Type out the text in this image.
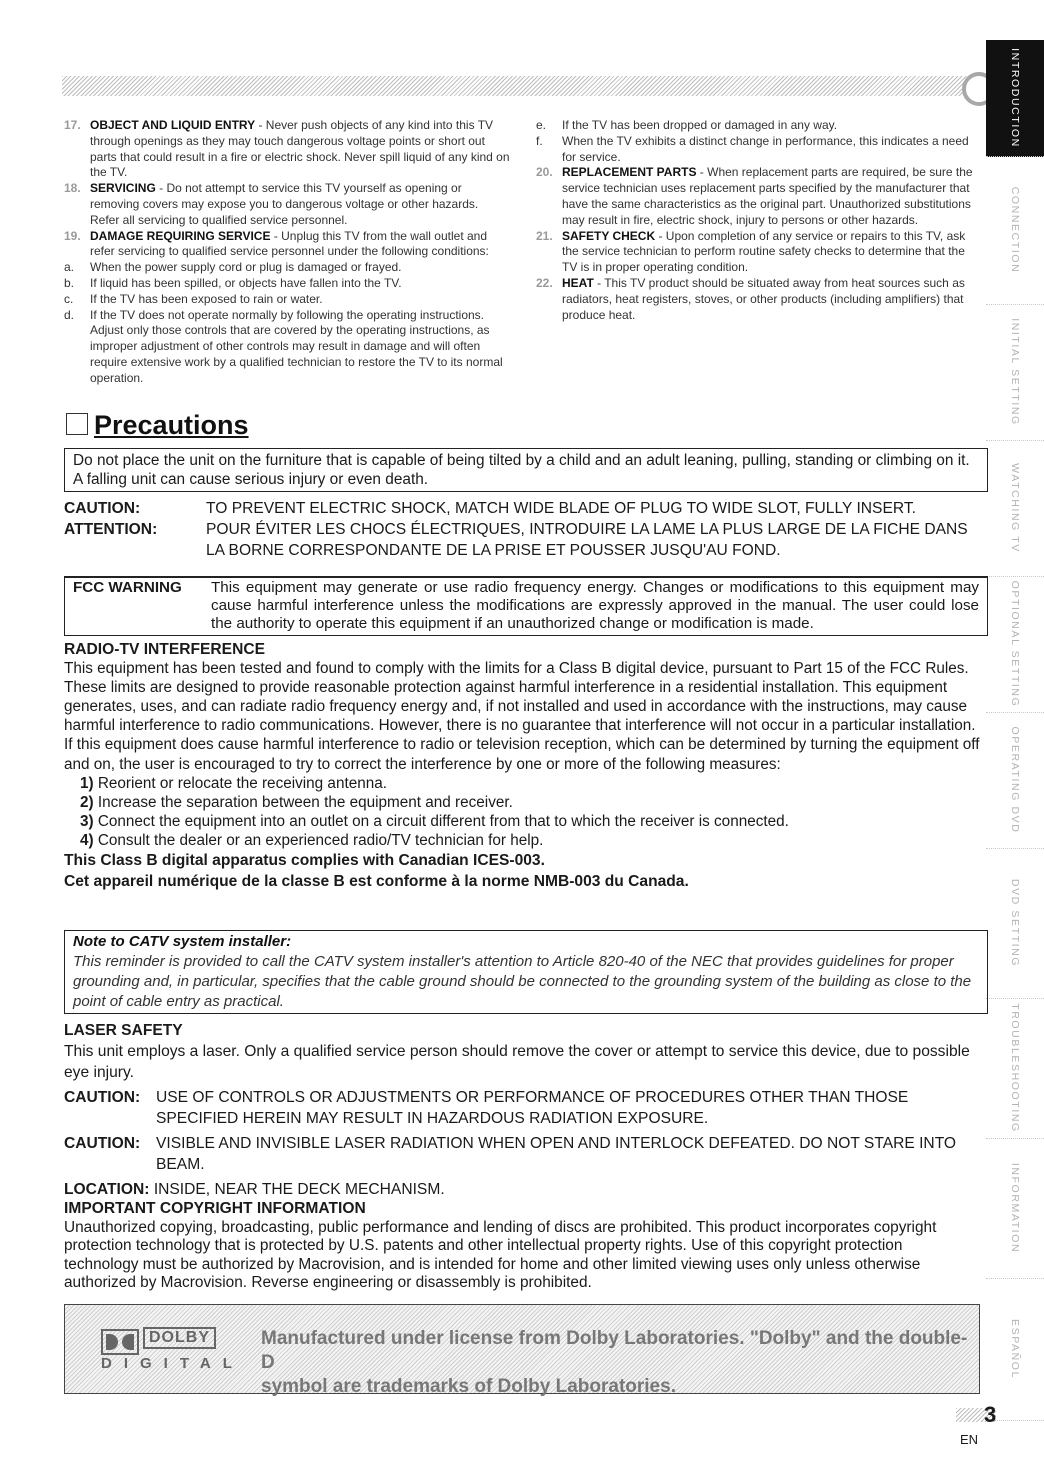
INTRODUCTION
CONNECTION
INITIAL SETTING
WATCHING TV
OPTIONAL SETTING
OPERATING DVD
DVD SETTING
TROUBLESHOOTING
INFORMATION
ESPAÑOL

17. OBJECT AND LIQUID ENTRY - Never push objects of any kind into this TV through openings as they may touch dangerous voltage points or short out parts that could result in a fire or electric shock. Never spill liquid of any kind on the TV.

18. SERVICING - Do not attempt to service this TV yourself as opening or removing covers may expose you to dangerous voltage or other hazards. Refer all servicing to qualified service personnel.

19. DAMAGE REQUIRING SERVICE - Unplug this TV from the wall outlet and refer servicing to qualified service personnel under the following conditions:

a. When the power supply cord or plug is damaged or frayed.

b. If liquid has been spilled, or objects have fallen into the TV.

c. If the TV has been exposed to rain or water.

d. If the TV does not operate normally by following the operating instructions. Adjust only those controls that are covered by the operating instructions, as improper adjustment of other controls may result in damage and will often require extensive work by a qualified technician to restore the TV to its normal operation.

e. If the TV has been dropped or damaged in any way.

f. When the TV exhibits a distinct change in performance, this indicates a need for service.

20. REPLACEMENT PARTS - When replacement parts are required, be sure the service technician uses replacement parts specified by the manufacturer that have the same characteristics as the original part. Unauthorized substitutions may result in fire, electric shock, injury to persons or other hazards.

21. SAFETY CHECK - Upon completion of any service or repairs to this TV, ask the service technician to perform routine safety checks to determine that the TV is in proper operating condition.

22. HEAT - This TV product should be situated away from heat sources such as radiators, heat registers, stoves, or other products (including amplifiers) that produce heat.

Precautions
Do not place the unit on the furniture that is capable of being tilted by a child and an adult leaning, pulling, standing or climbing on it. A falling unit can cause serious injury or even death.
CAUTION:	TO PREVENT ELECTRIC SHOCK, MATCH WIDE BLADE OF PLUG TO WIDE SLOT, FULLY INSERT.
ATTENTION:	POUR ÉVITER LES CHOCS ÉLECTRIQUES, INTRODUIRE LA LAME LA PLUS LARGE DE LA FICHE DANS LA BORNE CORRESPONDANTE DE LA PRISE ET POUSSER JUSQU'AU FOND.
FCC WARNING	This equipment may generate or use radio frequency energy. Changes or modifications to this equipment may cause harmful interference unless the modifications are expressly approved in the manual. The user could lose the authority to operate this equipment if an unauthorized change or modification is made.
RADIO-TV INTERFERENCE

This equipment has been tested and found to comply with the limits for a Class B digital device, pursuant to Part 15 of the FCC Rules. These limits are designed to provide reasonable protection against harmful interference in a residential installation. This equipment generates, uses, and can radiate radio frequency energy and, if not installed and used in accordance with the instructions, may cause harmful interference to radio communications. However, there is no guarantee that interference will not occur in a particular installation. If this equipment does cause harmful interference to radio or television reception, which can be determined by turning the equipment off and on, the user is encouraged to try to correct the interference by one or more of the following measures:

1) Reorient or relocate the receiving antenna.

2) Increase the separation between the equipment and receiver.

3) Connect the equipment into an outlet on a circuit different from that to which the receiver is connected.

4) Consult the dealer or an experienced radio/TV technician for help.

This Class B digital apparatus complies with Canadian ICES-003.

Cet appareil numérique de la classe B est conforme à la norme NMB-003 du Canada.

Note to CATV system installer:
This reminder is provided to call the CATV system installer's attention to Article 820-40 of the NEC that provides guidelines for proper grounding and, in particular, specifies that the cable ground should be connected to the grounding system of the building as close to the point of cable entry as practical.
LASER SAFETY

This unit employs a laser. Only a qualified service person should remove the cover or attempt to service this device, due to possible eye injury.

CAUTION:	USE OF CONTROLS OR ADJUSTMENTS OR PERFORMANCE OF PROCEDURES OTHER THAN THOSE SPECIFIED HEREIN MAY RESULT IN HAZARDOUS RADIATION EXPOSURE.
CAUTION:	VISIBLE AND INVISIBLE LASER RADIATION WHEN OPEN AND INTERLOCK DEFEATED. DO NOT STARE INTO BEAM.
LOCATION: INSIDE, NEAR THE DECK MECHANISM.
IMPORTANT COPYRIGHT INFORMATION

Unauthorized copying, broadcasting, public performance and lending of discs are prohibited. This product incorporates copyright protection technology that is protected by U.S. patents and other intellectual property rights. Use of this copyright protection technology must be authorized by Macrovision, and is intended for home and other limited viewing uses only unless otherwise authorized by Macrovision. Reverse engineering or disassembly is prohibited.

DOLBY
DIGITAL
Manufactured under license from Dolby Laboratories. "Dolby" and the double-D
symbol are trademarks of Dolby Laboratories.
3
EN
